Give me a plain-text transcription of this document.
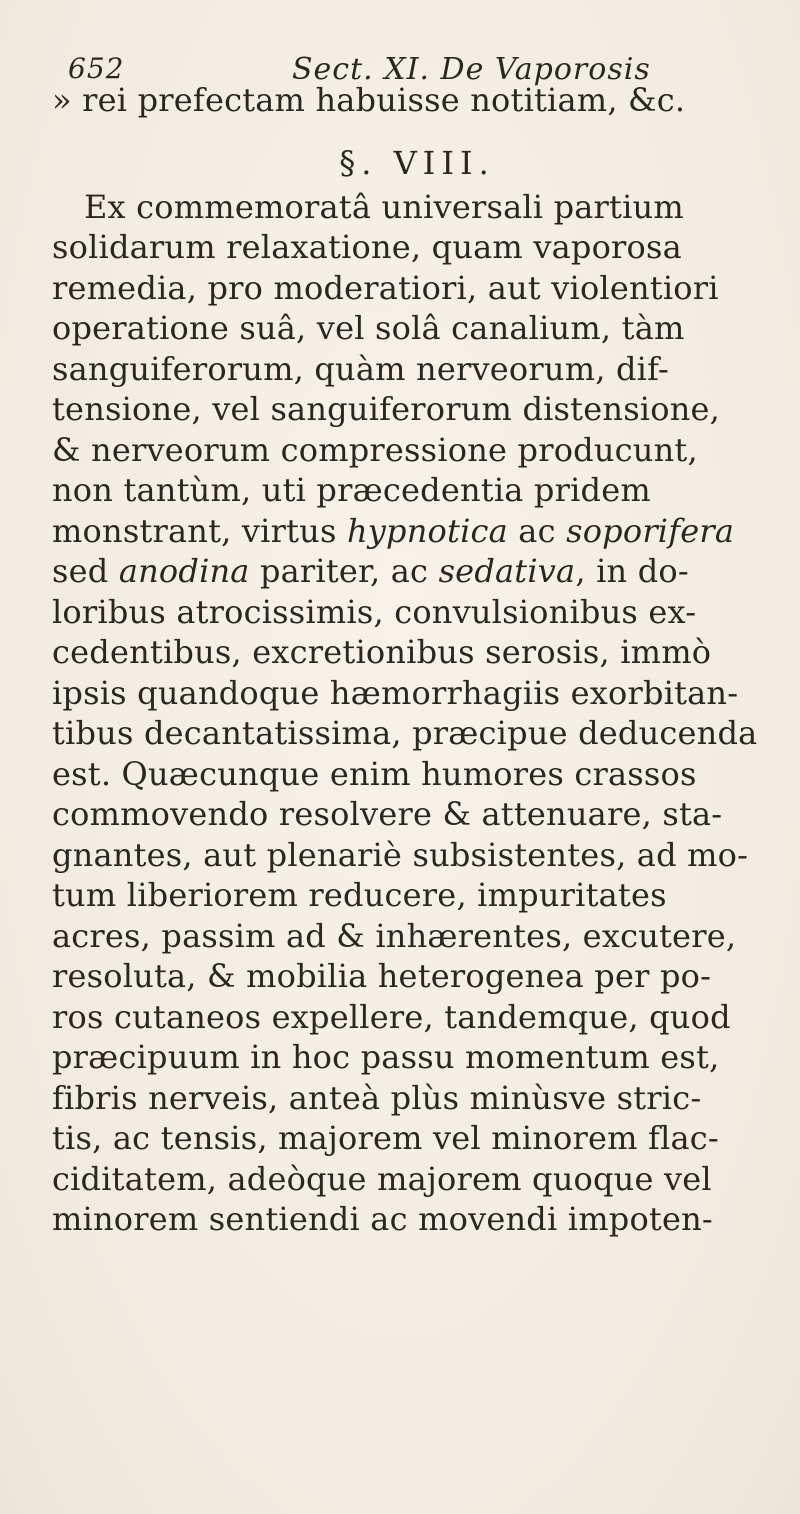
652	Sect. XI. De Vaporosis
» rei prefectam habuisse notitiam, &c.
§. VIII.
Ex commemoratâ universali partium
solidarum relaxatione, quam vaporosa
remedia, pro moderatiori, aut violentiori
operatione suâ, vel solâ canalium, tàm
sanguiferorum, quàm nerveorum, dif-
tensione, vel sanguiferorum distensione,
& nerveorum compressione producunt,
non tantùm, uti præcedentia pridem
monstrant, virtus hypnotica ac soporifera
sed anodina pariter, ac sedativa, in do-
loribus atrocissimis, convulsionibus ex-
cedentibus, excretionibus serosis, immò
ipsis quandoque hæmorrhagiis exorbitan-
tibus decantatissima, præcipue deducenda
est. Quæcunque enim humores crassos
commovendo resolvere & attenuare, sta-
gnantes, aut plenariè subsistentes, ad mo-
tum liberiorem reducere, impuritates
acres, passim ad & inhærentes, excutere,
resoluta, & mobilia heterogenea per po-
ros cutaneos expellere, tandemque, quod
præcipuum in hoc passu momentum est,
fibris nerveis, anteà plùs minùsve stric-
tis, ac tensis, majorem vel minorem flac-
ciditatem, adeòque majorem quoque vel
minorem sentiendi ac movendi impoten-
